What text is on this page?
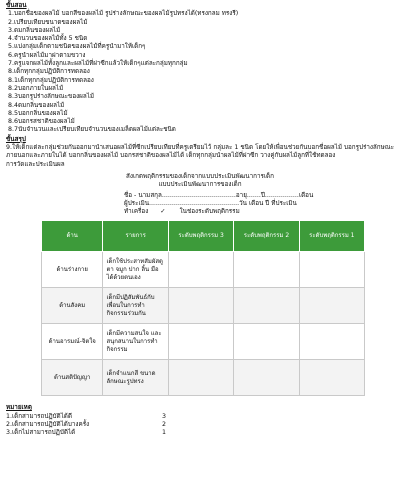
ขั้นสอน
1.บอกชื่อของผลไม้ บอกสีของผลไม้ รูปร่างลักษณะของผลไม้รูปทรงได้(ทรงกลม ทรงรี)
2.เปรียบเทียบขนาดของผลไม้
3.ดมกลิ่นของผลไม้
4.จำนวนของผลไม้ทั้ง 5 ชนิด
5.แบ่งกลุ่มเด็กตามชนิดของผลไม้ที่ครูนำมาให้เด็กๆ
6.ครูนำผลไม้มาผ่าตามขวาง
7.ครูแจกผลไม้ทั้งลูกและผลไม้ที่ผ่าซีกแล้วให้เด็กๆแต่ละกลุ่มทุกกลุ่ม
8.เด็กทุกกลุ่มปฏิบัติการทดลอง
8.1เด็กทุกกลุ่มปฏิบัติการทดลอง
8.2บอกภายในผลไม้
8.3บอกรูปร่างลักษณะของผลไม้
8.4ดมกลิ่นของผลไม้
8.5บอกกลิ่นของผลไม้
8.6บอกรสชาติของผลไม้
8.7นับจำนวนและเปรียบเทียบจำนวนของเมล็ดผลไม้แต่ละชนิด
ขั้นสรุป

9.ให้เด็กแต่ละกลุ่มช่วยกันออกมานำเสนอผลไม้ที่ซีกเปรียบเทียบที่ครูเตรียมไว้ กลุ่มละ 1 ชนิด โดยให้เพื่อนช่วยกันบอกชื่อผลไม้ บอกรูปร่างลักษณะภายนอกและภายในได้ บอกกลิ่นของผลไม้ บอกรสชาติของผลไม้ได้ เด็กทุกกลุ่มนำผลไม้ที่ผ่าซีก วางคู่กับผลไม้ลูกที่ใช้ทดลอง

การวัดและประเมินผล
สังเกตพฤติกรรมของเด็กจากแบบประเมินพัฒนาการเด็ก
แบบประเมินพัฒนาการของเด็ก
ชื่อ - นามสกุล.....................................อายุ.......ปี.................เดือน
ผู้ประเมิน.............................................วัน เดือน ปี ที่ประเมิน
ทำเครื่อง ✓ ในช่องระดับพฤติกรรม
ด้าน	รายการ	ระดับพฤติกรรม 3	ระดับพฤติกรรม 2	ระดับพฤติกรรม 1
ด้านร่างกาย	เด็กใช้ประสาทสัมผัสดู ตา จมูก ปาก ลิ้น มือ ได้ด้วยตนเอง			
ด้านสังคม	เด็กมีปฏิสัมพันธ์กับเพื่อนในการทำกิจกรรมร่วมกัน			
ด้านอารมณ์-จิตใจ	เด็กมีความสนใจ และสนุกสนานในการทำกิจกรรม			
ด้านสติปัญญา	เด็กจำแนกสี ขนาด ลักษณะรูปทรง			
หมายเหตุ
1.เด็กสามารถปฏิบัติได้ดี	3
2.เด็กสามารถปฏิบัติได้บางครั้ง	2
3.เด็กไม่สามารถปฏิบัติได้	1
